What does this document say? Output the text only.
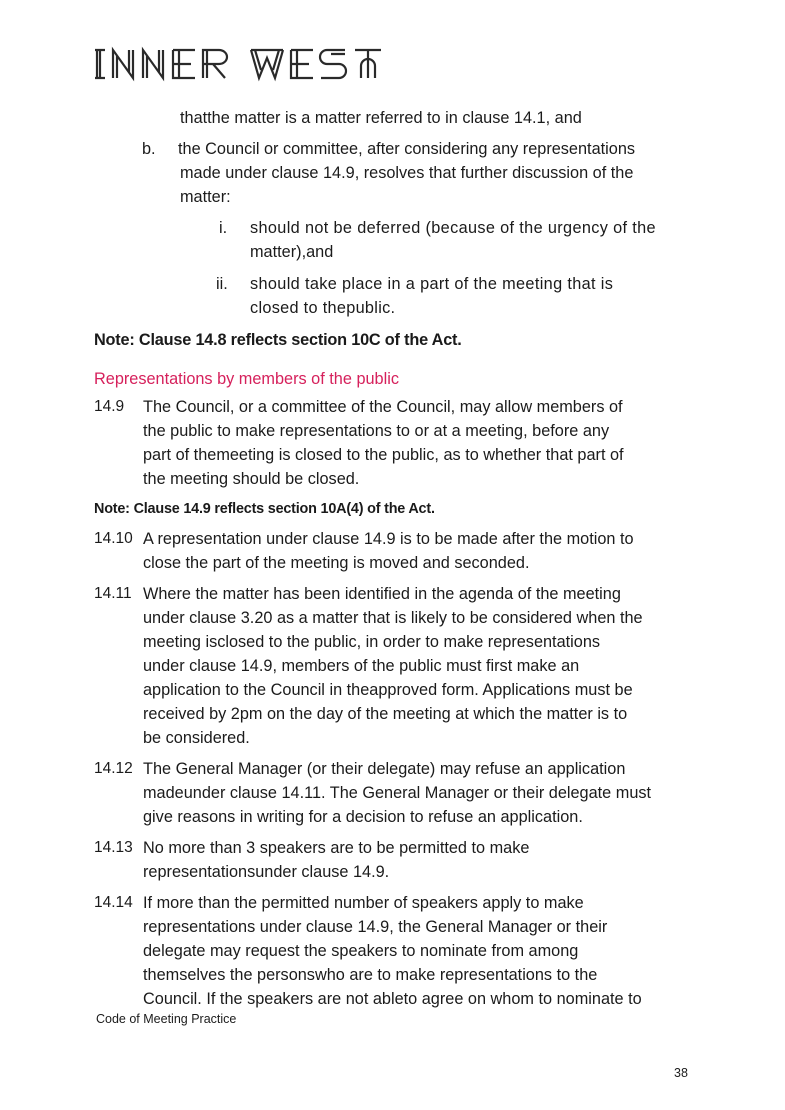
thatthe matter is a matter referred to in clause 14.1, and
b. the Council or committee, after considering any representations
made under clause 14.9, resolves that further discussion of the
matter:
i. should not be deferred (because of the urgency of the
matter),and
ii. should take place in a part of the meeting that is
closed to thepublic.
Note: Clause 14.8 reflects section 10C of the Act.
Representations by members of the public
14.9 The Council, or a committee of the Council, may allow members of
the public to make representations to or at a meeting, before any
part of themeeting is closed to the public, as to whether that part of
the meeting should be closed.
Note: Clause 14.9 reflects section 10A(4) of the Act.
14.10 A representation under clause 14.9 is to be made after the motion to
close the part of the meeting is moved and seconded.
14.11 Where the matter has been identified in the agenda of the meeting
under clause 3.20 as a matter that is likely to be considered when the
meeting isclosed to the public, in order to make representations
under clause 14.9, members of the public must first make an
application to the Council in theapproved form. Applications must be
received by 2pm on the day of the meeting at which the matter is to
be considered.
14.12 The General Manager (or their delegate) may refuse an application
madeunder clause 14.11. The General Manager or their delegate must
give reasons in writing for a decision to refuse an application.
14.13 No more than 3 speakers are to be permitted to make
representationsunder clause 14.9.
14.14 If more than the permitted number of speakers apply to make
representations under clause 14.9, the General Manager or their
delegate may request the speakers to nominate from among
themselves the personswho are to make representations to the
Council. If the speakers are not ableto agree on whom to nominate to
Code of Meeting Practice
38
